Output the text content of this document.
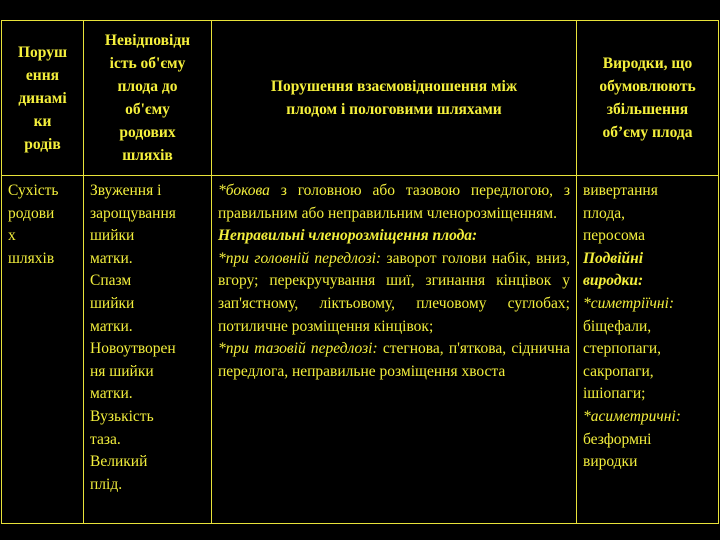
Поруш
ення
динамі
ки
родів
Невідповідн
ість об'єму
плода до
об'єму
родових
шляхів
Порушення взаємовідношення між
плодом і пологовими шляхами
Виродки, що
обумовлюють
збільшення
об’єму плода
Сухість
родови
х
шляхів
Звуження і
зарощування
шийки
матки.
Спазм
шийки
матки.
Новоутворен
ня шийки
матки.
Вузькість
таза.
Великий
плід.

*бокова з головною або тазовою передлогою, з правильним або неправильним членорозміщенням.

Неправильні членорозміщення плода:

*при головній передлозі: заворот голови набік, вниз, вгору; перекручування шиї, згинання кінцівок у зап'ястному, ліктьовому, плечовому суглобах; потиличне розміщення кінцівок;

*при тазовій передлозі: стегнова, п'яткова, сіднична передлога, неправильне розміщення хвоста

вивертання
плода,
перосома
Подвійні
виродки:
*симетріїчні:
біщефали,
стерпопаги,
сакропаги,
ішіопаги;
*асиметричні:
безформні
виродки
